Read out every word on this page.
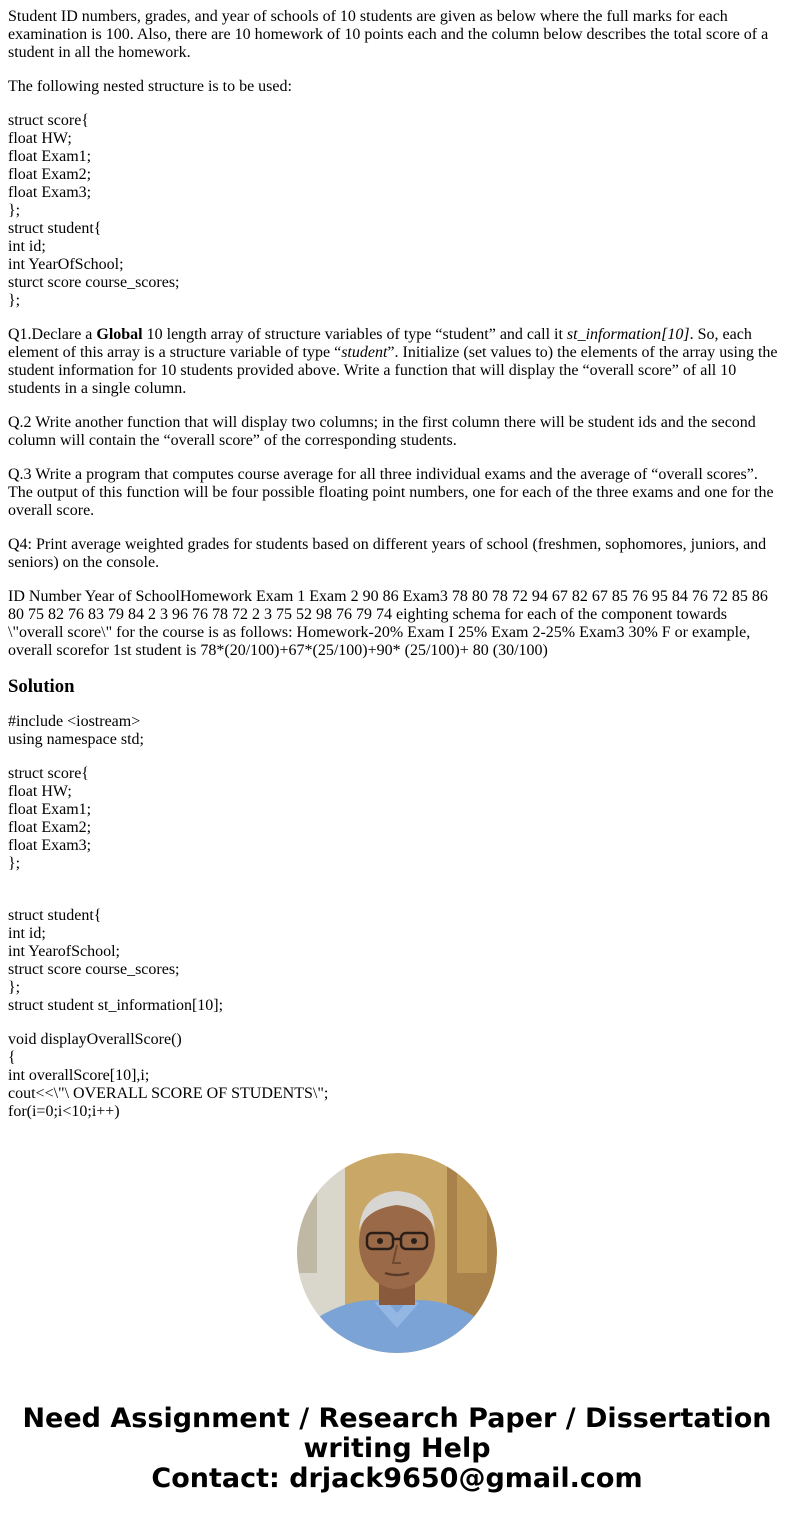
Student ID numbers, grades, and year of schools of 10 students are given as below where the full marks for each examination is 100. Also, there are 10 homework of 10 points each and the column below describes the total score of a student in all the homework.

The following nested structure is to be used:

struct score{
float HW;
float Exam1;
float Exam2;
float Exam3;
};
struct student{
int id;
int YearOfSchool;
sturct score course_scores;
};

Q1.Declare a Global 10 length array of structure variables of type “student” and call it st_information[10]. So, each element of this array is a structure variable of type “student”. Initialize (set values to) the elements of the array using the student information for 10 students provided above. Write a function that will display the “overall score” of all 10 students in a single column.

Q.2 Write another function that will display two columns; in the first column there will be student ids and the second column will contain the “overall score” of the corresponding students.

Q.3 Write a program that computes course average for all three individual exams and the average of “overall scores”. The output of this function will be four possible floating point numbers, one for each of the three exams and one for the overall score.

Q4: Print average weighted grades for students based on different years of school (freshmen, sophomores, juniors, and seniors) on the console.

ID Number Year of SchoolHomework Exam 1 Exam 2 90 86 Exam3 78 80 78 72 94 67 82 67 85 76 95 84 76 72 85 86 80 75 82 76 83 79 84 2 3 96 76 78 72 2 3 75 52 98 76 79 74 eighting schema for each of the component towards \"overall score\" for the course is as follows: Homework-20% Exam I 25% Exam 2-25% Exam3 30% F or example, overall scorefor 1st student is 78*(20/100)+67*(25/100)+90* (25/100)+ 80 (30/100)

Solution

#include <iostream>
using namespace std;

struct score{
float HW;
float Exam1;
float Exam2;
float Exam3;
};

struct student{
int id;
int YearofSchool;
struct score course_scores;
};
struct student st_information[10];

void displayOverallScore()
{
int overallScore[10],i;
cout<<\"\ OVERALL SCORE OF STUDENTS\";
for(i=0;i<10;i++)

Need Assignment / Research Paper / Dissertation
writing Help
Contact: drjack9650@gmail.com
